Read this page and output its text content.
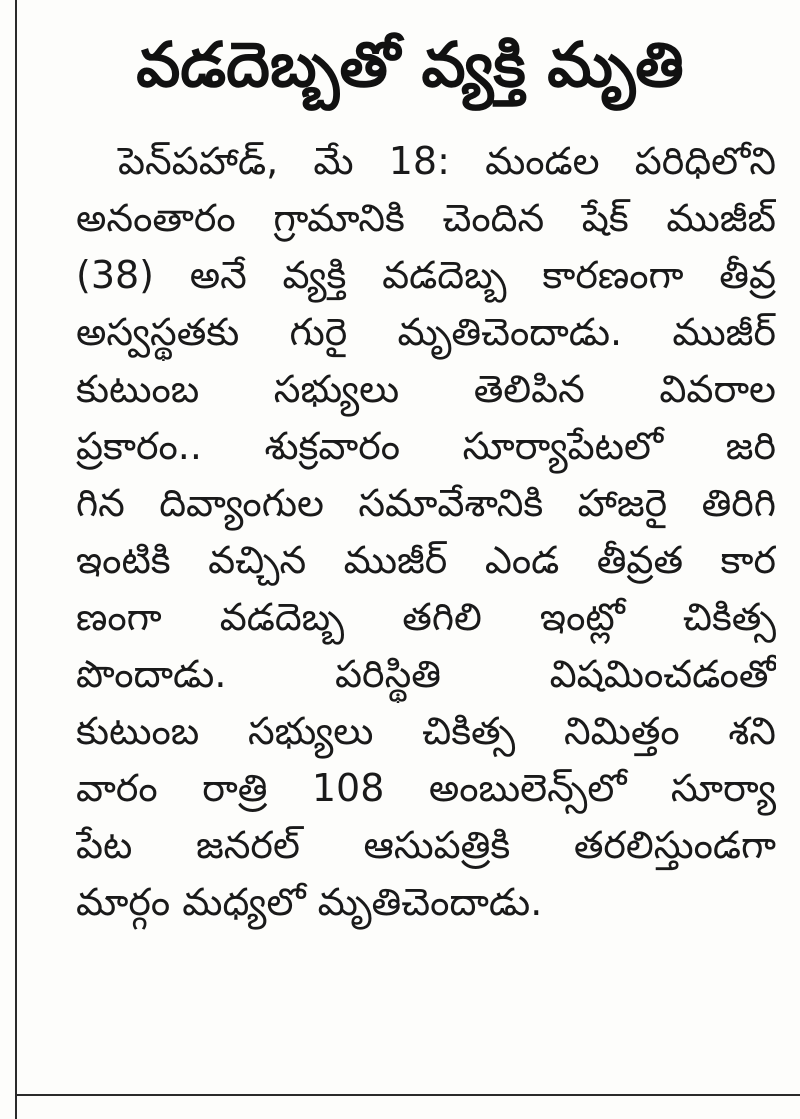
వడదెబ్బతో వ్యక్తి మృతి
పెన్‌పహాడ్, మే 18: మండల పరిధిలోని
అనంతారం గ్రామానికి చెందిన షేక్ ముజీబ్
(38) అనే వ్యక్తి వడదెబ్బ కారణంగా తీవ్ర
అస్వస్థతకు గురై మృతిచెందాడు. ముజీర్
కుటుంబ సభ్యులు తెలిపిన వివరాల
ప్రకారం.. శుక్రవారం సూర్యాపేటలో జరి
గిన దివ్యాంగుల సమావేశానికి హాజరై తిరిగి
ఇంటికి వచ్చిన ముజీర్ ఎండ తీవ్రత కార
ణంగా వడదెబ్బ తగిలి ఇంట్లో చికిత్స
పొందాడు. పరిస్థితి విషమించడంతో
కుటుంబ సభ్యులు చికిత్స నిమిత్తం శని
వారం రాత్రి 108 అంబులెన్స్‌లో సూర్యా
పేట జనరల్ ఆసుపత్రికి తరలిస్తుండగా
మార్గం మధ్యలో మృతిచెందాడు.
